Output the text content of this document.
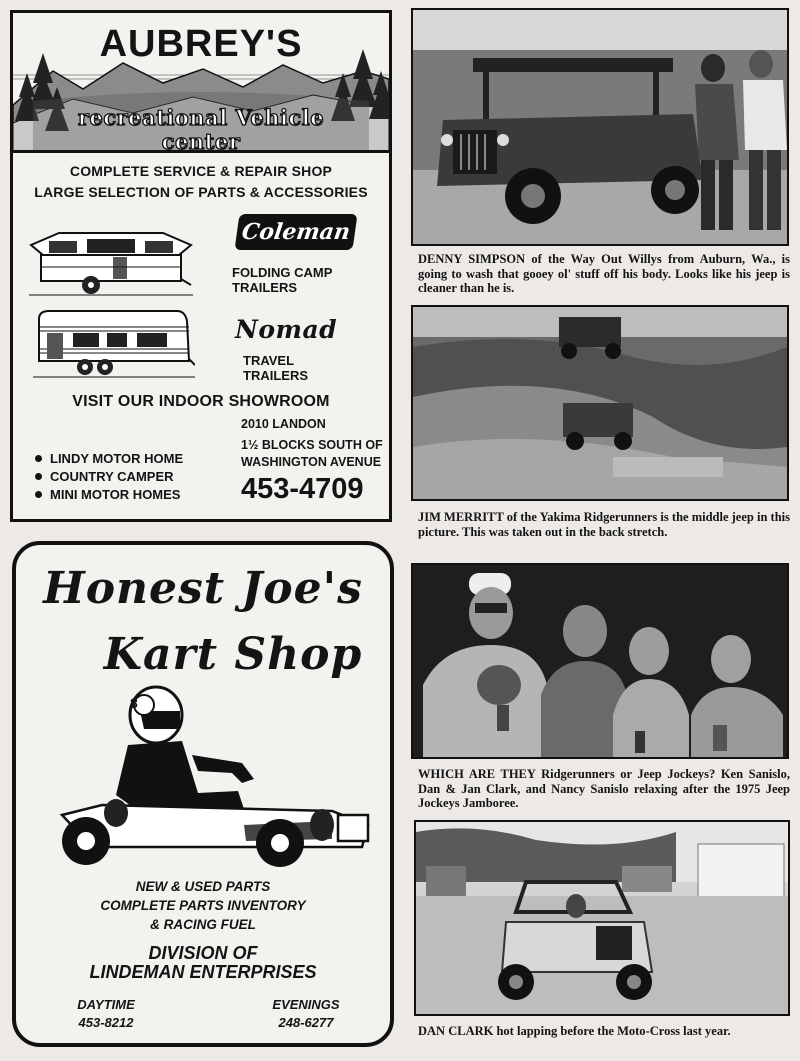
AUBREY'S
recreational Vehicle
center
COMPLETE SERVICE & REPAIR SHOP
LARGE SELECTION OF PARTS & ACCESSORIES
Coleman
FOLDING CAMP
TRAILERS
Nomad
TRAVEL
TRAILERS
VISIT OUR INDOOR SHOWROOM
2010 LANDON
1½ BLOCKS SOUTH OF
WASHINGTON AVENUE
LINDY MOTOR HOME
COUNTRY CAMPER
MINI MOTOR HOMES 453-4709
Honest Joe's
Kart Shop
8
NEW & USED PARTS
COMPLETE PARTS INVENTORY
& RACING FUEL
DIVISION OF
LINDEMAN ENTERPRISES
DAYTIME
453-8212
EVENINGS
248-6277
DENNY SIMPSON of the Way Out Willys from Auburn, Wa., is going to wash that gooey ol' stuff off his body. Looks like his jeep is cleaner than he is.
JIM MERRITT of the Yakima Ridgerunners is the middle jeep in this picture. This was taken out in the back stretch.
WHICH ARE THEY Ridgerunners or Jeep Jockeys? Ken Sanislo, Dan & Jan Clark, and Nancy Sanislo relaxing after the 1975 Jeep Jockeys Jamboree.
DAN CLARK hot lapping before the Moto-Cross last year.
